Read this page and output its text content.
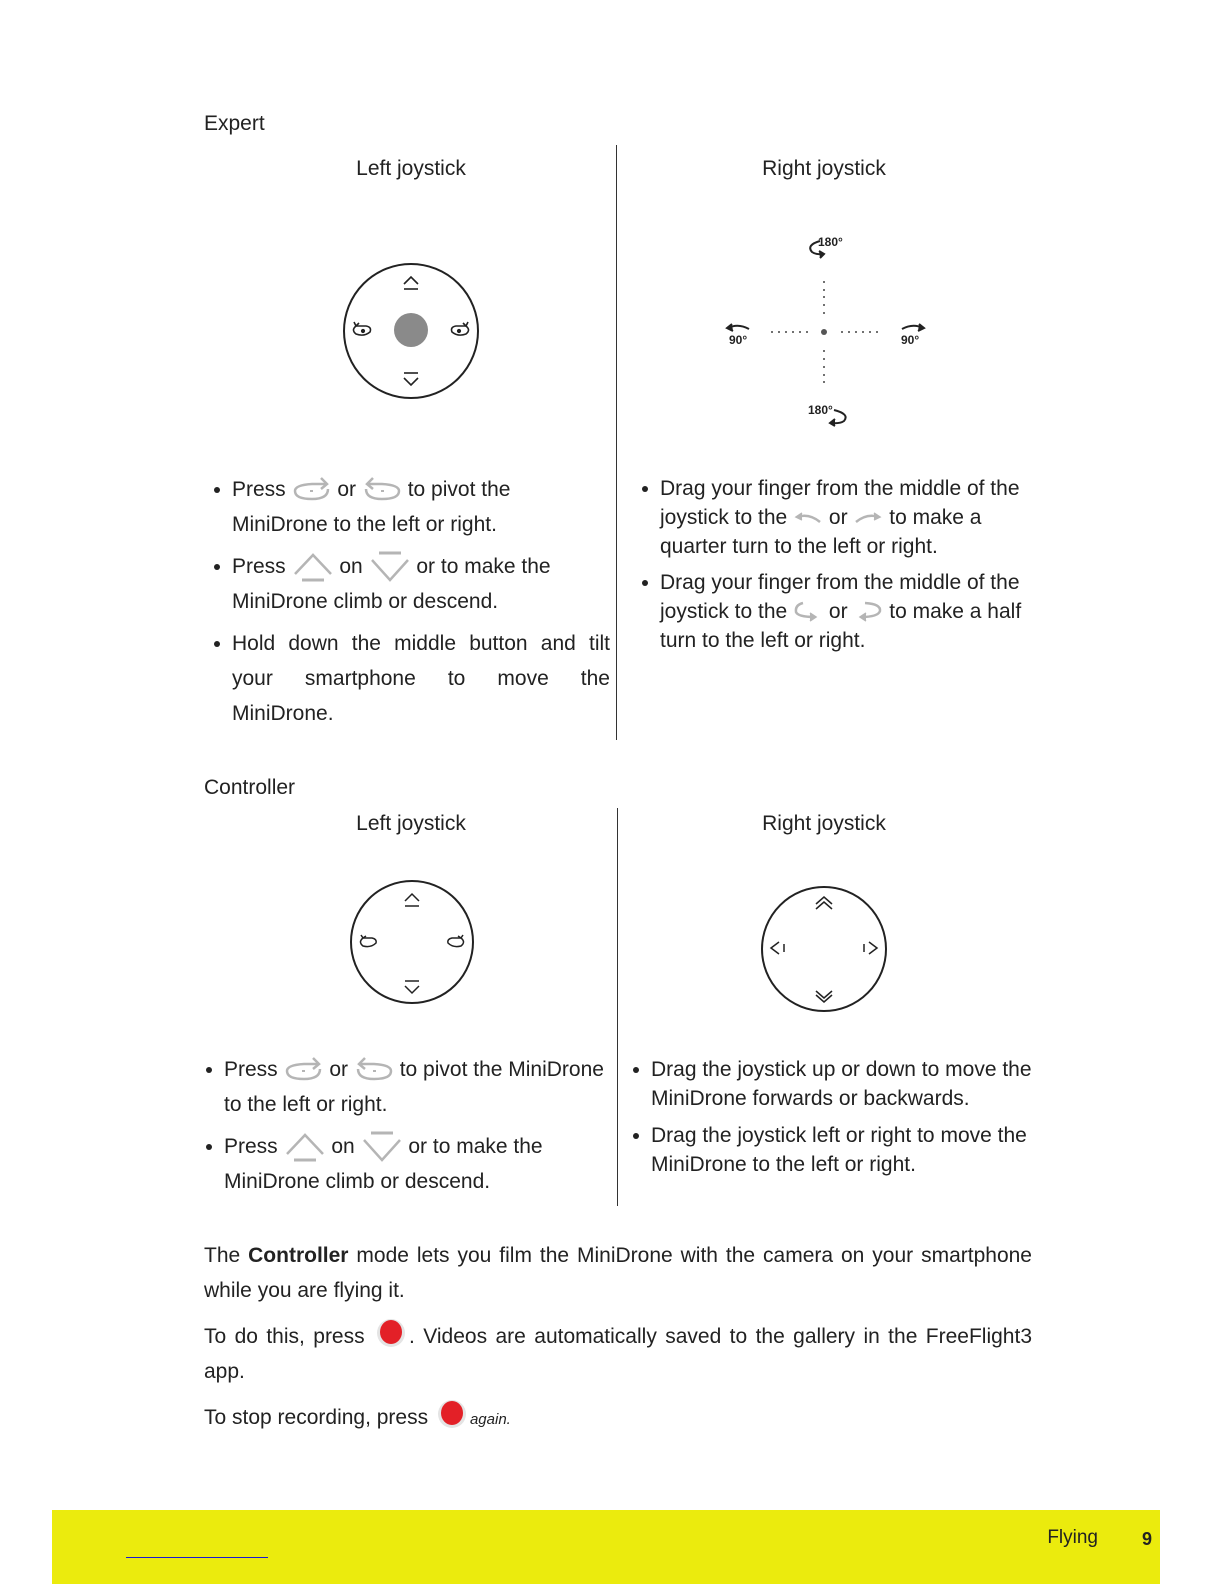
Expert
Left joystick	Right joystick
180°
180°
90°	90°
Press  or  to pivot the MiniDrone to the left or right.
Press  on  or to make the MiniDrone climb or descend.
Hold down the middle button and tilt your smartphone to move the MiniDrone.
Drag your finger from the middle of the joystick to the  or  to make a quarter turn to the left or right.
Drag your finger from the middle of the joystick to the  or  to make a half turn to the left or right.
Controller
Left joystick	Right joystick
Press  or  to pivot the MiniDrone to the left or right.
Press  on  or to make the MiniDrone climb or descend.
Drag the joystick up or down to move the MiniDrone forwards or backwards.
Drag the joystick left or right to move the MiniDrone to the left or right.
The Controller mode lets you film the MiniDrone with the camera on your smartphone while you are flying it.
To do this, press . Videos are automatically saved to the gallery in the FreeFlight3 app.
To stop recording, press again.
Flying 9
